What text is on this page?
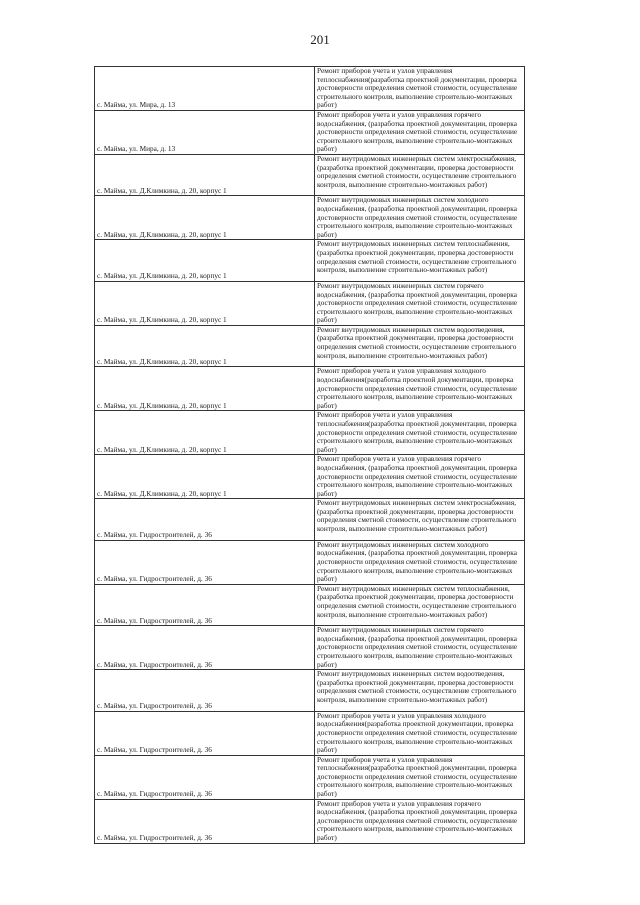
201
с. Майма, ул. Мира, д. 13	Ремонт приборов учета и узлов управления теплоснабжения(разработка проектной документации, проверка достоверности определения сметной стоимости, осуществление строительного контроля, выполнение строительно-монтажных работ)
с. Майма, ул. Мира, д. 13	Ремонт приборов учета и узлов управления горячего водоснабжения, (разработка проектной документации, проверка достоверности определения сметной стоимости, осуществление строительного контроля, выполнение строительно-монтажных работ)
с. Майма, ул. Д.Климкина, д. 20, корпус 1	Ремонт внутридомовых инженерных систем электроснабжения, (разработка проектной документации, проверка достоверности определения сметной стоимости, осуществление строительного контроля, выполнение строительно-монтажных работ)
с. Майма, ул. Д.Климкина, д. 20, корпус 1	Ремонт внутридомовых инженерных систем холодного водоснабжения, (разработка проектной документации, проверка достоверности определения сметной стоимости, осуществление строительного контроля, выполнение строительно-монтажных работ)
с. Майма, ул. Д.Климкина, д. 20, корпус 1	Ремонт внутридомовых инженерных систем теплоснабжения, (разработка проектной документации, проверка достоверности определения сметной стоимости, осуществление строительного контроля, выполнение строительно-монтажных работ)
с. Майма, ул. Д.Климкина, д. 20, корпус 1	Ремонт внутридомовых инженерных систем горячего водоснабжения, (разработка проектной документации, проверка достоверности определения сметной стоимости, осуществление строительного контроля, выполнение строительно-монтажных работ)
с. Майма, ул. Д.Климкина, д. 20, корпус 1	Ремонт внутридомовых инженерных систем водоотведения, (разработка проектной документации, проверка достоверности определения сметной стоимости, осуществление строительного контроля, выполнение строительно-монтажных работ)
с. Майма, ул. Д.Климкина, д. 20, корпус 1	Ремонт приборов учета и узлов управления холодного водоснабжения(разработка проектной документации, проверка достоверности определения сметной стоимости, осуществление строительного контроля, выполнение строительно-монтажных работ)
с. Майма, ул. Д.Климкина, д. 20, корпус 1	Ремонт приборов учета и узлов управления теплоснабжения(разработка проектной документации, проверка достоверности определения сметной стоимости, осуществление строительного контроля, выполнение строительно-монтажных работ)
с. Майма, ул. Д.Климкина, д. 20, корпус 1	Ремонт приборов учета и узлов управления горячего водоснабжения, (разработка проектной документации, проверка достоверности определения сметной стоимости, осуществление строительного контроля, выполнение строительно-монтажных работ)
с. Майма, ул. Гидростроителей, д. 36	Ремонт внутридомовых инженерных систем электроснабжения, (разработка проектной документации, проверка достоверности определения сметной стоимости, осуществление строительного контроля, выполнение строительно-монтажных работ)
с. Майма, ул. Гидростроителей, д. 36	Ремонт внутридомовых инженерных систем холодного водоснабжения, (разработка проектной документации, проверка достоверности определения сметной стоимости, осуществление строительного контроля, выполнение строительно-монтажных работ)
с. Майма, ул. Гидростроителей, д. 36	Ремонт внутридомовых инженерных систем теплоснабжения, (разработка проектной документации, проверка достоверности определения сметной стоимости, осуществление строительного контроля, выполнение строительно-монтажных работ)
с. Майма, ул. Гидростроителей, д. 36	Ремонт внутридомовых инженерных систем горячего водоснабжения, (разработка проектной документации, проверка достоверности определения сметной стоимости, осуществление строительного контроля, выполнение строительно-монтажных работ)
с. Майма, ул. Гидростроителей, д. 36	Ремонт внутридомовых инженерных систем водоотведения, (разработка проектной документации, проверка достоверности определения сметной стоимости, осуществление строительного контроля, выполнение строительно-монтажных работ)
с. Майма, ул. Гидростроителей, д. 36	Ремонт приборов учета и узлов управления холодного водоснабжения(разработка проектной документации, проверка достоверности определения сметной стоимости, осуществление строительного контроля, выполнение строительно-монтажных работ)
с. Майма, ул. Гидростроителей, д. 36	Ремонт приборов учета и узлов управления теплоснабжения(разработка проектной документации, проверка достоверности определения сметной стоимости, осуществление строительного контроля, выполнение строительно-монтажных работ)
с. Майма, ул. Гидростроителей, д. 36	Ремонт приборов учета и узлов управления горячего водоснабжения, (разработка проектной документации, проверка достоверности определения сметной стоимости, осуществление строительного контроля, выполнение строительно-монтажных работ)
